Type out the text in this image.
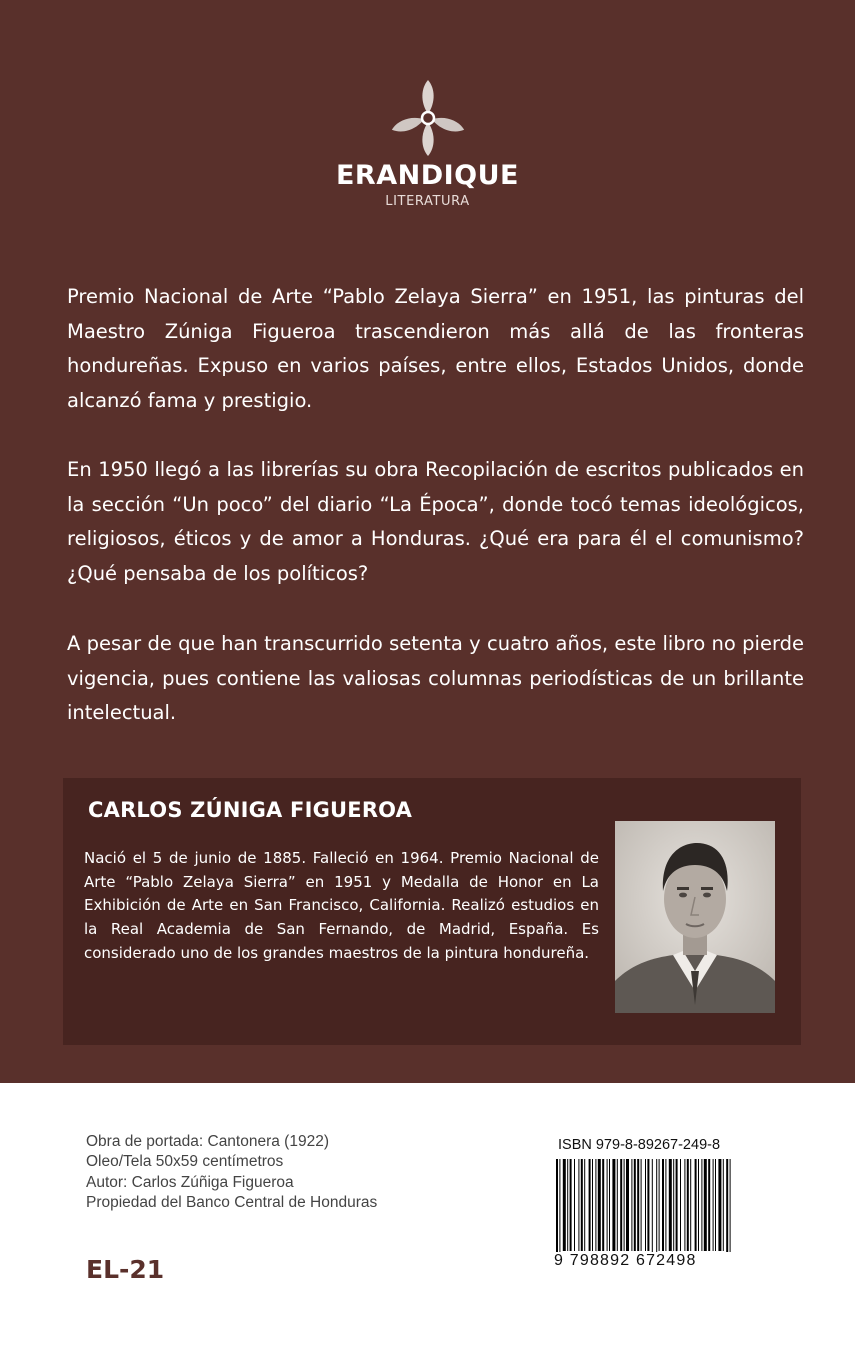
ERANDIQUE
LITERATURA

Premio Nacional de Arte “Pablo Zelaya Sierra” en 1951, las pinturas del Maestro Zúniga Figueroa trascendieron más allá de las fronteras hondureñas. Expuso en varios países, entre ellos, Estados Unidos, donde alcanzó fama y prestigio.

En 1950 llegó a las librerías su obra Recopilación de escritos publicados en la sección “Un poco” del diario “La Época”, donde tocó temas ideológicos, religiosos, éticos y de amor a Honduras. ¿Qué era para él el comunismo? ¿Qué pensaba de los políticos?

A pesar de que han transcurrido setenta y cuatro años, este libro no pierde vigencia, pues contiene las valiosas columnas periodísticas de un brillante intelectual.

CARLOS ZÚNIGA FIGUEROA

Nació el 5 de junio de 1885. Falleció en 1964. Premio Nacional de Arte “Pablo Zelaya Sierra” en 1951 y Medalla de Honor en La Exhibición de Arte en San Francisco, California. Realizó estudios en la Real Academia de San Fernando, de Madrid, España. Es considerado uno de los grandes maestros de la pintura hondureña.

Obra de portada: Cantonera (1922)
Oleo/Tela 50x59 centímetros
Autor: Carlos Zúñiga Figueroa
Propiedad del Banco Central de Honduras
EL-21
ISBN 979-8-89267-249-8
9 798892 672498
